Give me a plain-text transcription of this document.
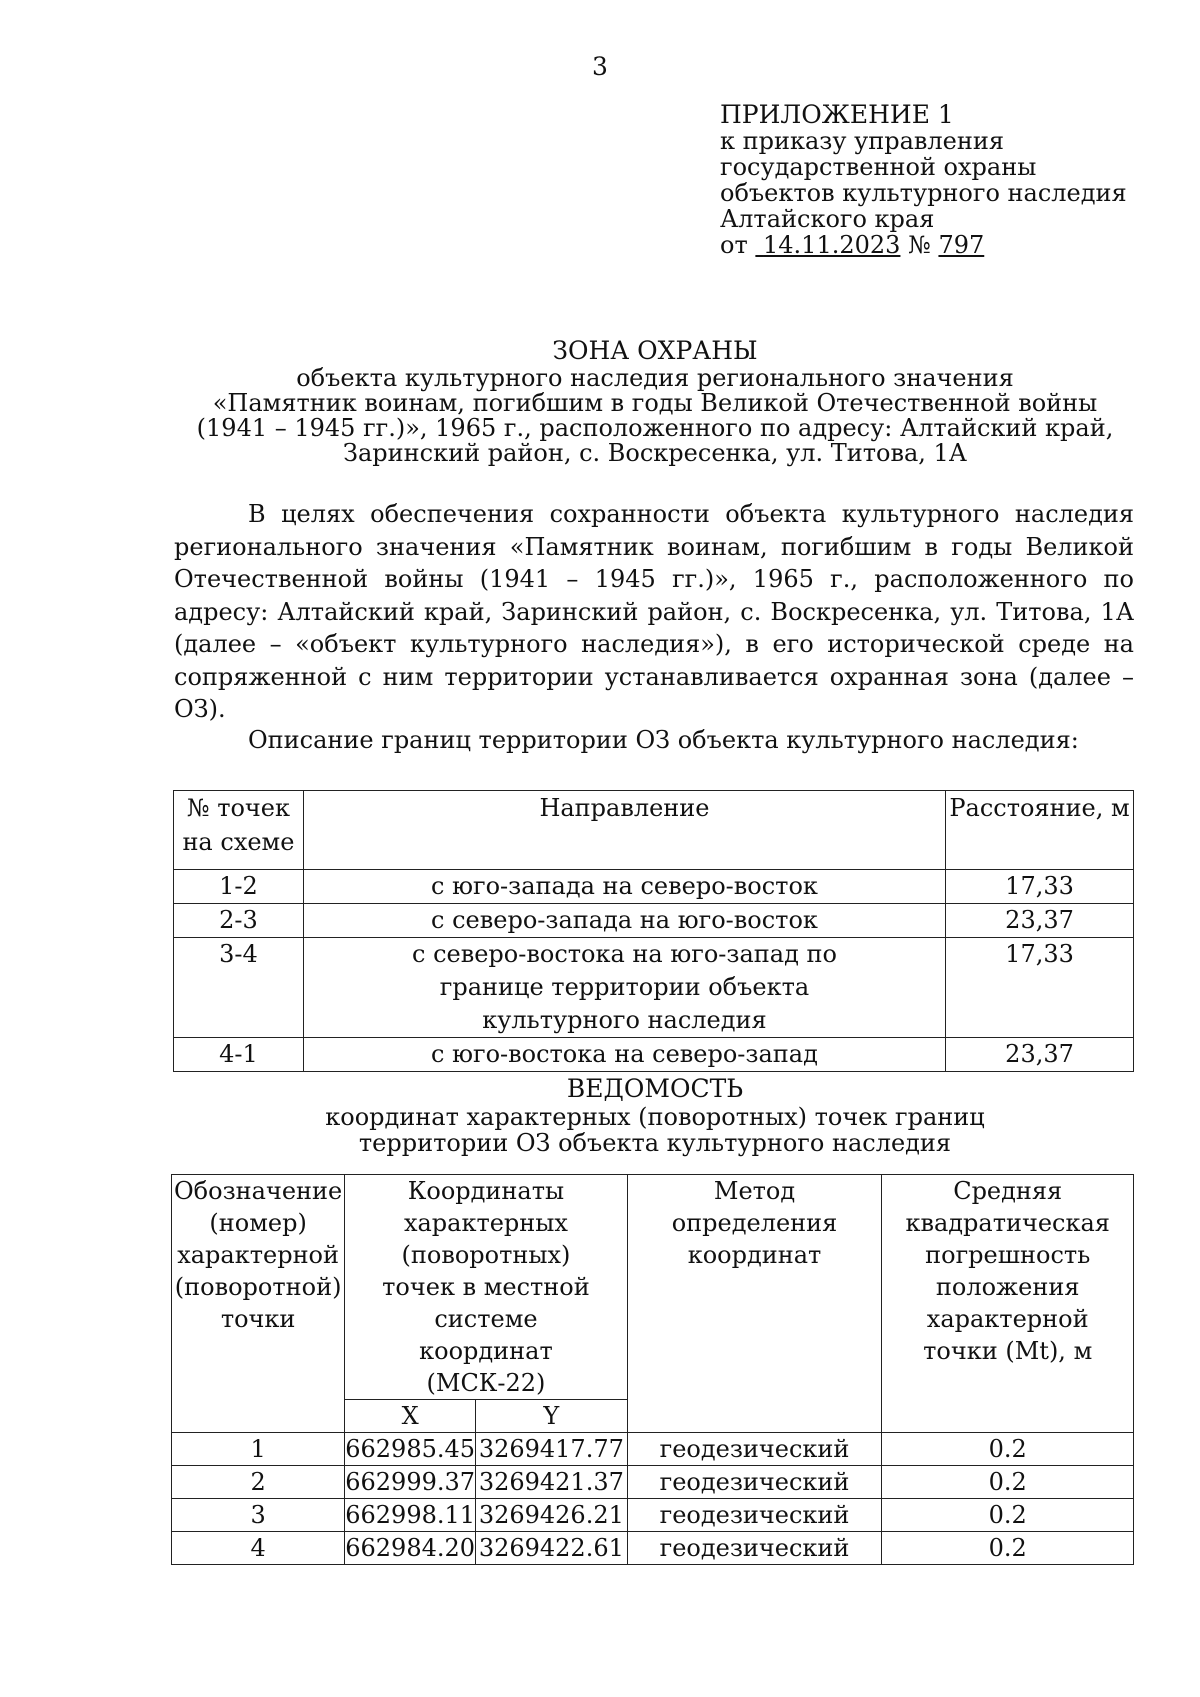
3
ПРИЛОЖЕНИЕ 1
к приказу управления
государственной охраны
объектов культурного наследия
Алтайского края
от 14.11.2023 № 797
ЗОНА ОХРАНЫ
объекта культурного наследия регионального значения
«Памятник воинам, погибшим в годы Великой Отечественной войны
(1941 – 1945 гг.)», 1965 г., расположенного по адресу: Алтайский край,
Заринский район, с. Воскресенка, ул. Титова, 1А

В целях обеспечения сохранности объекта культурного наследия регионального значения «Памятник воинам, погибшим в годы Великой Отечественной войны (1941 – 1945 гг.)», 1965 г., расположенного по адресу: Алтайский край, Заринский район, с. Воскресенка, ул. Титова, 1А (далее – «объект культурного наследия»), в его исторической среде на сопряженной с ним территории устанавливается охранная зона (далее – ОЗ).

Описание границ территории ОЗ объекта культурного наследия:
№ точек на схеме	Направление	Расстояние, м
1-2	с юго-запада на северо-восток	17,33
2-3	с северо-запада на юго-восток	23,37
3-4	с северо-востока на юго-запад по границе территории объекта культурного наследия	17,33
4-1	с юго-востока на северо-запад	23,37
ВЕДОМОСТЬ
координат характерных (поворотных) точек границ
территории ОЗ объекта культурного наследия
Обозначение (номер) характерной (поворотной) точки	Координаты характерных (поворотных) точек в местной системе координат (МСК-22)		Метод определения координат	Средняя квадратическая погрешность положения характерной точки (Mt), м
	X	Y		
1	662985.45	3269417.77	геодезический	0.2
2	662999.37	3269421.37	геодезический	0.2
3	662998.11	3269426.21	геодезический	0.2
4	662984.20	3269422.61	геодезический	0.2
